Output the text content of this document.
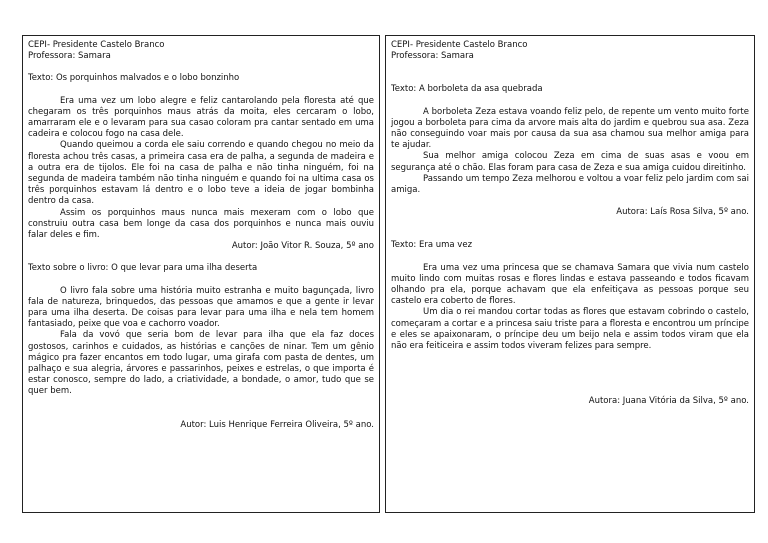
CEPI- Presidente Castelo Branco
Professora: Samara
Texto: Os porquinhos malvados e o lobo bonzinho

Era uma vez um lobo alegre e feliz cantarolando pela floresta até que chegaram os três porquinhos maus atrás da moita, eles cercaram o lobo, amarraram ele e o levaram para sua casao coloram pra cantar sentado em uma cadeira e colocou fogo na casa dele.

Quando queimou a corda ele saiu correndo e quando chegou no meio da floresta achou três casas, a primeira casa era de palha, a segunda de madeira e a outra era de tijolos. Ele foi na casa de palha e não tinha ninguém, foi na segunda de madeira também não tinha ninguém e quando foi na ultima casa os três porquinhos estavam lá dentro e o lobo teve a ideia de jogar bombinha dentro da casa.

Assim os porquinhos maus nunca mais mexeram com o lobo que construiu outra casa bem longe da casa dos porquinhos e nunca mais ouviu falar deles e fim.

Autor: João Vitor R. Souza, 5º ano

Texto sobre o livro: O que levar para uma ilha deserta

O livro fala sobre uma história muito estranha e muito bagunçada, livro fala de natureza, brinquedos, das pessoas que amamos e que a gente ir levar para uma ilha deserta. De coisas para levar para uma ilha e nela tem homem fantasiado, peixe que voa e cachorro voador.

Fala da vovó que seria bom de levar para ilha que ela faz doces gostosos, carinhos e cuidados, as histórias e canções de ninar. Tem um gênio mágico pra fazer encantos em todo lugar, uma girafa com pasta de dentes, um palhaço e sua alegria, árvores e passarinhos, peixes e estrelas, o que importa é estar conosco, sempre do lado, a criatividade, a bondade, o amor, tudo que se quer bem.

Autor: Luis Henrique Ferreira Oliveira, 5º ano.

CEPI- Presidente Castelo Branco
Professora: Samara
Texto: A borboleta da asa quebrada

A borboleta Zeza estava voando feliz pelo, de repente um vento muito forte jogou a borboleta para cima da arvore mais alta do jardim e quebrou sua asa. Zeza não conseguindo voar mais por causa da sua asa chamou sua melhor amiga para te ajudar.

Sua melhor amiga colocou Zeza em cima de suas asas e voou em segurança até o chão. Elas foram para casa de Zeza e sua amiga cuidou direitinho.

Passando um tempo Zeza melhorou e voltou a voar feliz pelo jardim com sai amiga.

Autora: Laís Rosa Silva, 5º ano.

Texto: Era uma vez

Era uma vez uma princesa que se chamava Samara que vivia num castelo muito lindo com muitas rosas e flores lindas e estava passeando e todos ficavam olhando pra ela, porque achavam que ela enfeitiçava as pessoas porque seu castelo era coberto de flores.

Um dia o rei mandou cortar todas as flores que estavam cobrindo o castelo, começaram a cortar e a princesa saiu triste para a floresta e encontrou um príncipe e eles se apaixonaram, o príncipe deu um beijo nela e assim todos viram que ela não era feiticeira e assim todos viveram felizes para sempre.

Autora: Juana Vitória da Silva, 5º ano.
